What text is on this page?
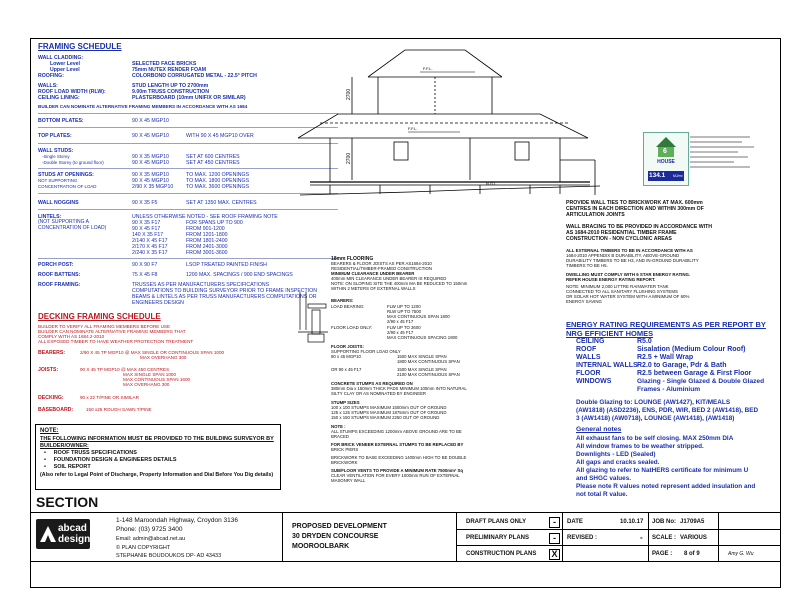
FRAMING SCHEDULE
WALL CLADDING:
Lower Level	SELECTED FACE BRICKS
Upper Level	75mm NUTEX RENDER FOAM
ROOFING:	COLORBOND CORRUGATED METAL - 22.5° PITCH
WALLS:	STUD LENGTH UP TO 2700mm
ROOF LOAD WIDTH (RLW):	9.00m TRUSS CONSTRUCTION
CEILING LINING:	PLASTERBOARD (10mm UNIFIX OR SIMILAR)
BUILDER CAN NOMINATE ALTERNATIVE FRAMING MEMBERS IN ACCORDANCE WITH AS 1684
BOTTOM PLATES:	90 X 45 MGP10
TOP PLATES:	90 X 45 MGP10	WITH 90 X 45 MGP10 OVER
WALL STUDS:
-Single Storey	90 X 35 MGP10	SET AT 600 CENTRES
-Double Storey (to ground floor)	90 X 45 MGP10	SET AT 450 CENTRES
STUDS AT OPENINGS:	90 X 35 MGP10	TO MAX. 1200 OPENINGS
NOT SUPPORTING	90 X 45 MGP10	TO MAX. 1800 OPENINGS
CONCENTRATION OF LOAD	2/90 X 35 MGP10 TO MAX. 3600 OPENINGS
WALL NOGGINS	90 X 35 F5	SET AT 1350 MAX. CENTRES
LINTELS:	UNLESS OTHERWISE NOTED - SEE ROOF FRAMING NOTE
(NOT SUPPORTING A	90 X 35 F17	FOR SPANS UP TO 900
CONCENTRATION OF LOAD)	90 X 45 F17	FROM 901-1200
140 X 35 F17	FROM 1201-1800
2/140 X 45 F17	FROM 1801-2400
2/170 X 45 F17	FROM 2401-3000
2/240 X 35 F17	FROM 3001-3600
PORCH POST:	90 X 90 F7	LSOP TREATED PAINTED FINISH
ROOF BATTENS:	75 X 45 F8	1200 MAX. SPACINGS / 900 END SPACINGS
ROOF FRAMING:	TRUSSES AS PER MANUFACTURERS SPECIFICATIONS
COMPUTATIONS TO BUILDING SURVEYOR PRIOR TO FRAME INSPECTION
BEAMS & LINTELS AS PER TRUSS MANUFACTURERS COMPUTATIONS OR
ENGINEERS DESIGN
DECKING FRAMING SCHEDULE
BUILDER TO VERIFY ALL FRAMING MEMBERS BEFORE USE
BUILDER CAN NOMINATE ALTERNATIVE FRAMING MEMBERS THAT
COMPLY WITH AS 1684.2-2010
ALL EXPOSED TIMBER TO HAVE WEATHER PROTECTION TREATMENT
BEARERS:	2/90 X 45 TP MGP10 @ MAX SINGLE OR CONTINUOUS SPAN 1000
MAX OVERHANG 300
JOISTS:	90 X 45 TP MGP10 @ MAX 450 CENTRES
MAX SINGLE SPAN 1000
MAX CONTINUOUS SPAN 1600
MAX OVERHANG 300
DECKING:	90 x 22 T/PINE OR SIMILAR
BASEBOARD:	150 x25 ROUGH SAWN T/PINE
NOTE:
THE FOLLOWING INFORMATION MUST BE PROVIDED TO THE BUILDING SURVEYOR BY
BUILDER/OWNER:
•     ROOF TRUSS SPECIFICATIONS
•     FOUNDATION DESIGN & ENGINEERS DETAILS
•     SOIL REPORT
(Also refer to Legal Point of Discharge, Property Information and Dial Before You Dig details)
SECTION
F.F.L.
F.F.L.
2700
2700
N.G.L.
HOUSE
6
134.1 MJ/m²
PROVIDE WALL TIES TO BRICKWORK AT MAX. 600mm
CENTRES IN EACH DIRECTION AND WITHIN 300mm OF
ARTICULATION JOINTS
WALL BRACING TO BE PROVIDED IN ACCORDANCE WITH
AS 1684-2010 RESIDENTIAL TIMBER FRAME
CONSTRUCTION - NON CYCLONIC AREAS
ALL EXTERNAL TIMBERS TO BE IN ACCORDANCE WITH AS
1684-2010 APPENDIX B DURABILITY. ABOVE-GROUND
DURABILITY TIMBERS TO BE H3, AND IN-GROUND DURABILITY
TIMBERS TO BE H5.
DWELLING MUST COMPLY WITH 6 STAR ENERGY RATING.
REFER HOUSE ENERGY RATING REPORT.
NOTE: MINIMUM 2,000 LITTRE RAINWATER TANK
CONNECTED TO ALL SANITARY FLUSHING SYSTEMS
OR SOLAR HOT WATER SYSTEM WITH A MINIMUM OF 60%
ENERGY SAVING
18mm FLOORING
BEARERS & FLOOR JOISTS AS PER AS1684-2010
RESIDENTIAL/TIMBER-FRAMED CONSTRUCTION
MINIMUM CLEARANCE UNDER BEARER
400mm MIN CLEARANCE UNDER BEARER IS REQUIRED
NOTE: ON SLOPING SITE THE 400mm MA BE REDUCED TO 150mm
WITHIN 2 METERS OF EXTERNAL WALLS
BEARERS:
LOAD BEARING:	FLW UP TO 1200
RLW UP TO 7500
MAX CONTINUOUS SPAN 1800
2/90 x 45 F17
FLOOR LOAD ONLY:	FLW UP TO 3600
2/90 x 45 F17
MAX CONTINUOUS SPACING 1800
FLOOR JOISTS:
SUPPORTING FLOOR LOAD ONLY
90 x 45 MGP10	1500 MAX SINGLE SPAN
1800 MAX CONTINUOUS SPAN
OR 90 x 45 F17	1500 MAX SINGLE SPAN
2100 MAX CONTINUOUS SPAN
CONCRETE STUMPS AS REQUIRED ON
380mm Dia x 150mm THICK PADS MINIMUM 100mm INTO NATURAL
SILTY CLAY OR AS NOMINATED BY ENGINEER
STUMP SIZES
100 x 100 STUMPS MAXIMUM 1500mm OUT OF GROUND
125 x 125 STUMPS MAXIMUM 1875mm OUT OF GROUND
150 x 150 STUMPS MAXIMUM 2250 OUT OF GROUND
NOTE :
ALL STUMPS EXCEEDING 1200mm ABOVE GROUND ARE TO BE
BRACED
FOR BRICK VENEER EXTERNAL STUMPS TO BE REPLACED BY
BRICK PIERS
BRICKWORK TO BASE EXCEEDING 1400mm HIGH TO BE DOUBLE
BRICKWORK
SUB/FLOOR VENTS TO PROVIDE A MINIMUM RATE 7500mm² Sq
CLEAR VENTILATION FOR EVERY 1000mm RUN OF EXTERNAL
MASONRY WALL
ENERGY RATING REQUIREMENTS AS PER REPORT BY
NRG EFFICIENT HOMES
CEILING	R5.0
ROOF	Sisalation (Medium Colour Roof)
WALLS	R2.5 + Wall Wrap
INTERNAL WALLS R2.0 to Garage, Pdr & Bath
FLOOR	R2.5 between Garage & First Floor
WINDOWS	Glazing - Single Glazed & Double Glazed
Frames - Aluminium
Double Glazing to: LOUNGE (AW1427), KIT/MEALS
(AW1818) (ASD2236), ENS, PDR, WIR, BED 2 (AW1418), BED
3 (AW1418) (AW0718), LOUNGE (AW1418), (AW1418)
General notes
All exhaust fans to be self closing. MAX 250mm DIA
All window frames to be weather stripped.
Downlights - LED (Sealed)
All gaps and cracks sealed.
All glazing to refer to NatHERS certificate for minimum U
and SHGC values.
Please note R values noted represent added insulation and
not total R value.
abcad
design
1-148 Maroondah Highway, Croydon 3136
Phone: (03) 9725 3400
Email: admin@abcad.net.au
© PLAN COPYRIGHT
STEPHANIE BOUDOUKOS DP- AD 43433
PROPOSED DEVELOPMENT
30 DRYDEN CONCOURSE
MOOROOLBARK
DRAFT PLANS ONLY	-
PRELIMINARY PLANS	-
CONSTRUCTION PLANS X
DATE	10.10.17
REVISED :	-
JOB No: J1709A5
SCALE : VARIOUS
PAGE : 8 of 9	Amy G. Wu
